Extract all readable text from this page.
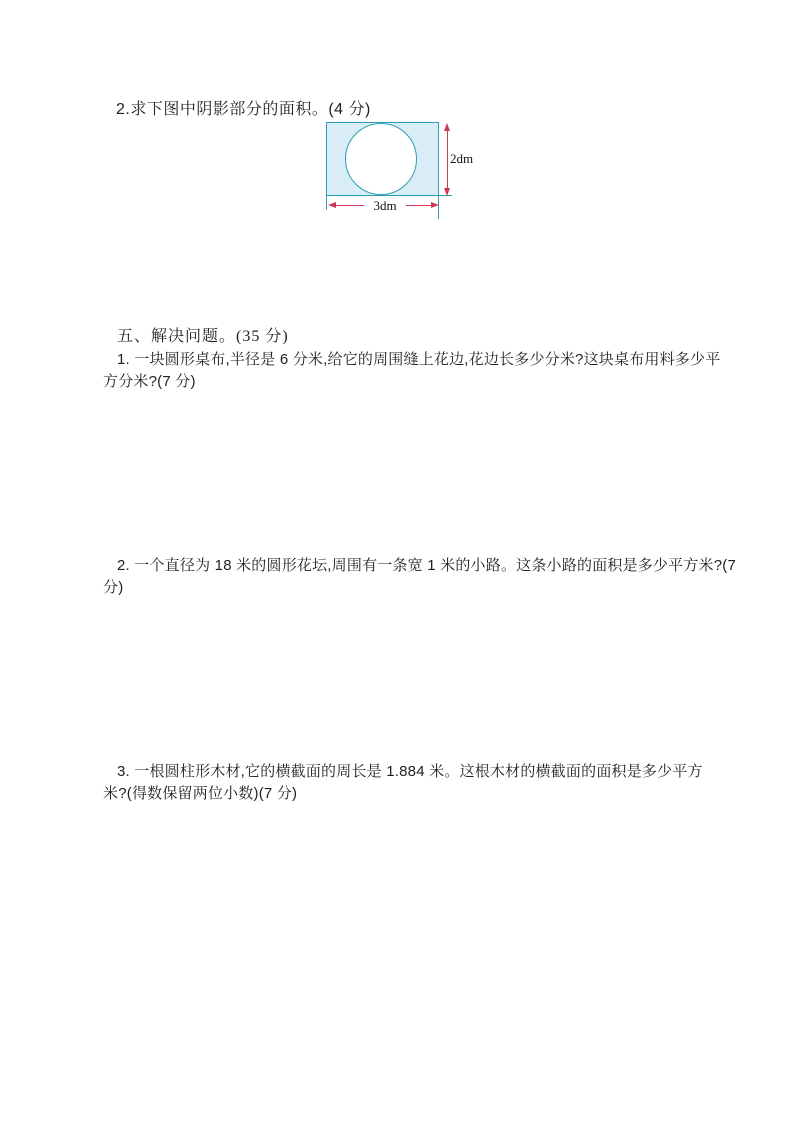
2.求下图中阴影部分的面积。(4 分)
2dm
3dm
五、解决问题。(35 分)
1. 一块圆形桌布,半径是 6 分米,给它的周围缝上花边,花边长多少分米?这块桌布用料多少平
方分米?(7 分)
2. 一个直径为 18 米的圆形花坛,周围有一条宽 1 米的小路。这条小路的面积是多少平方米?(7
分)
3. 一根圆柱形木材,它的横截面的周长是 1.884 米。这根木材的横截面的面积是多少平方
米?(得数保留两位小数)(7 分)
